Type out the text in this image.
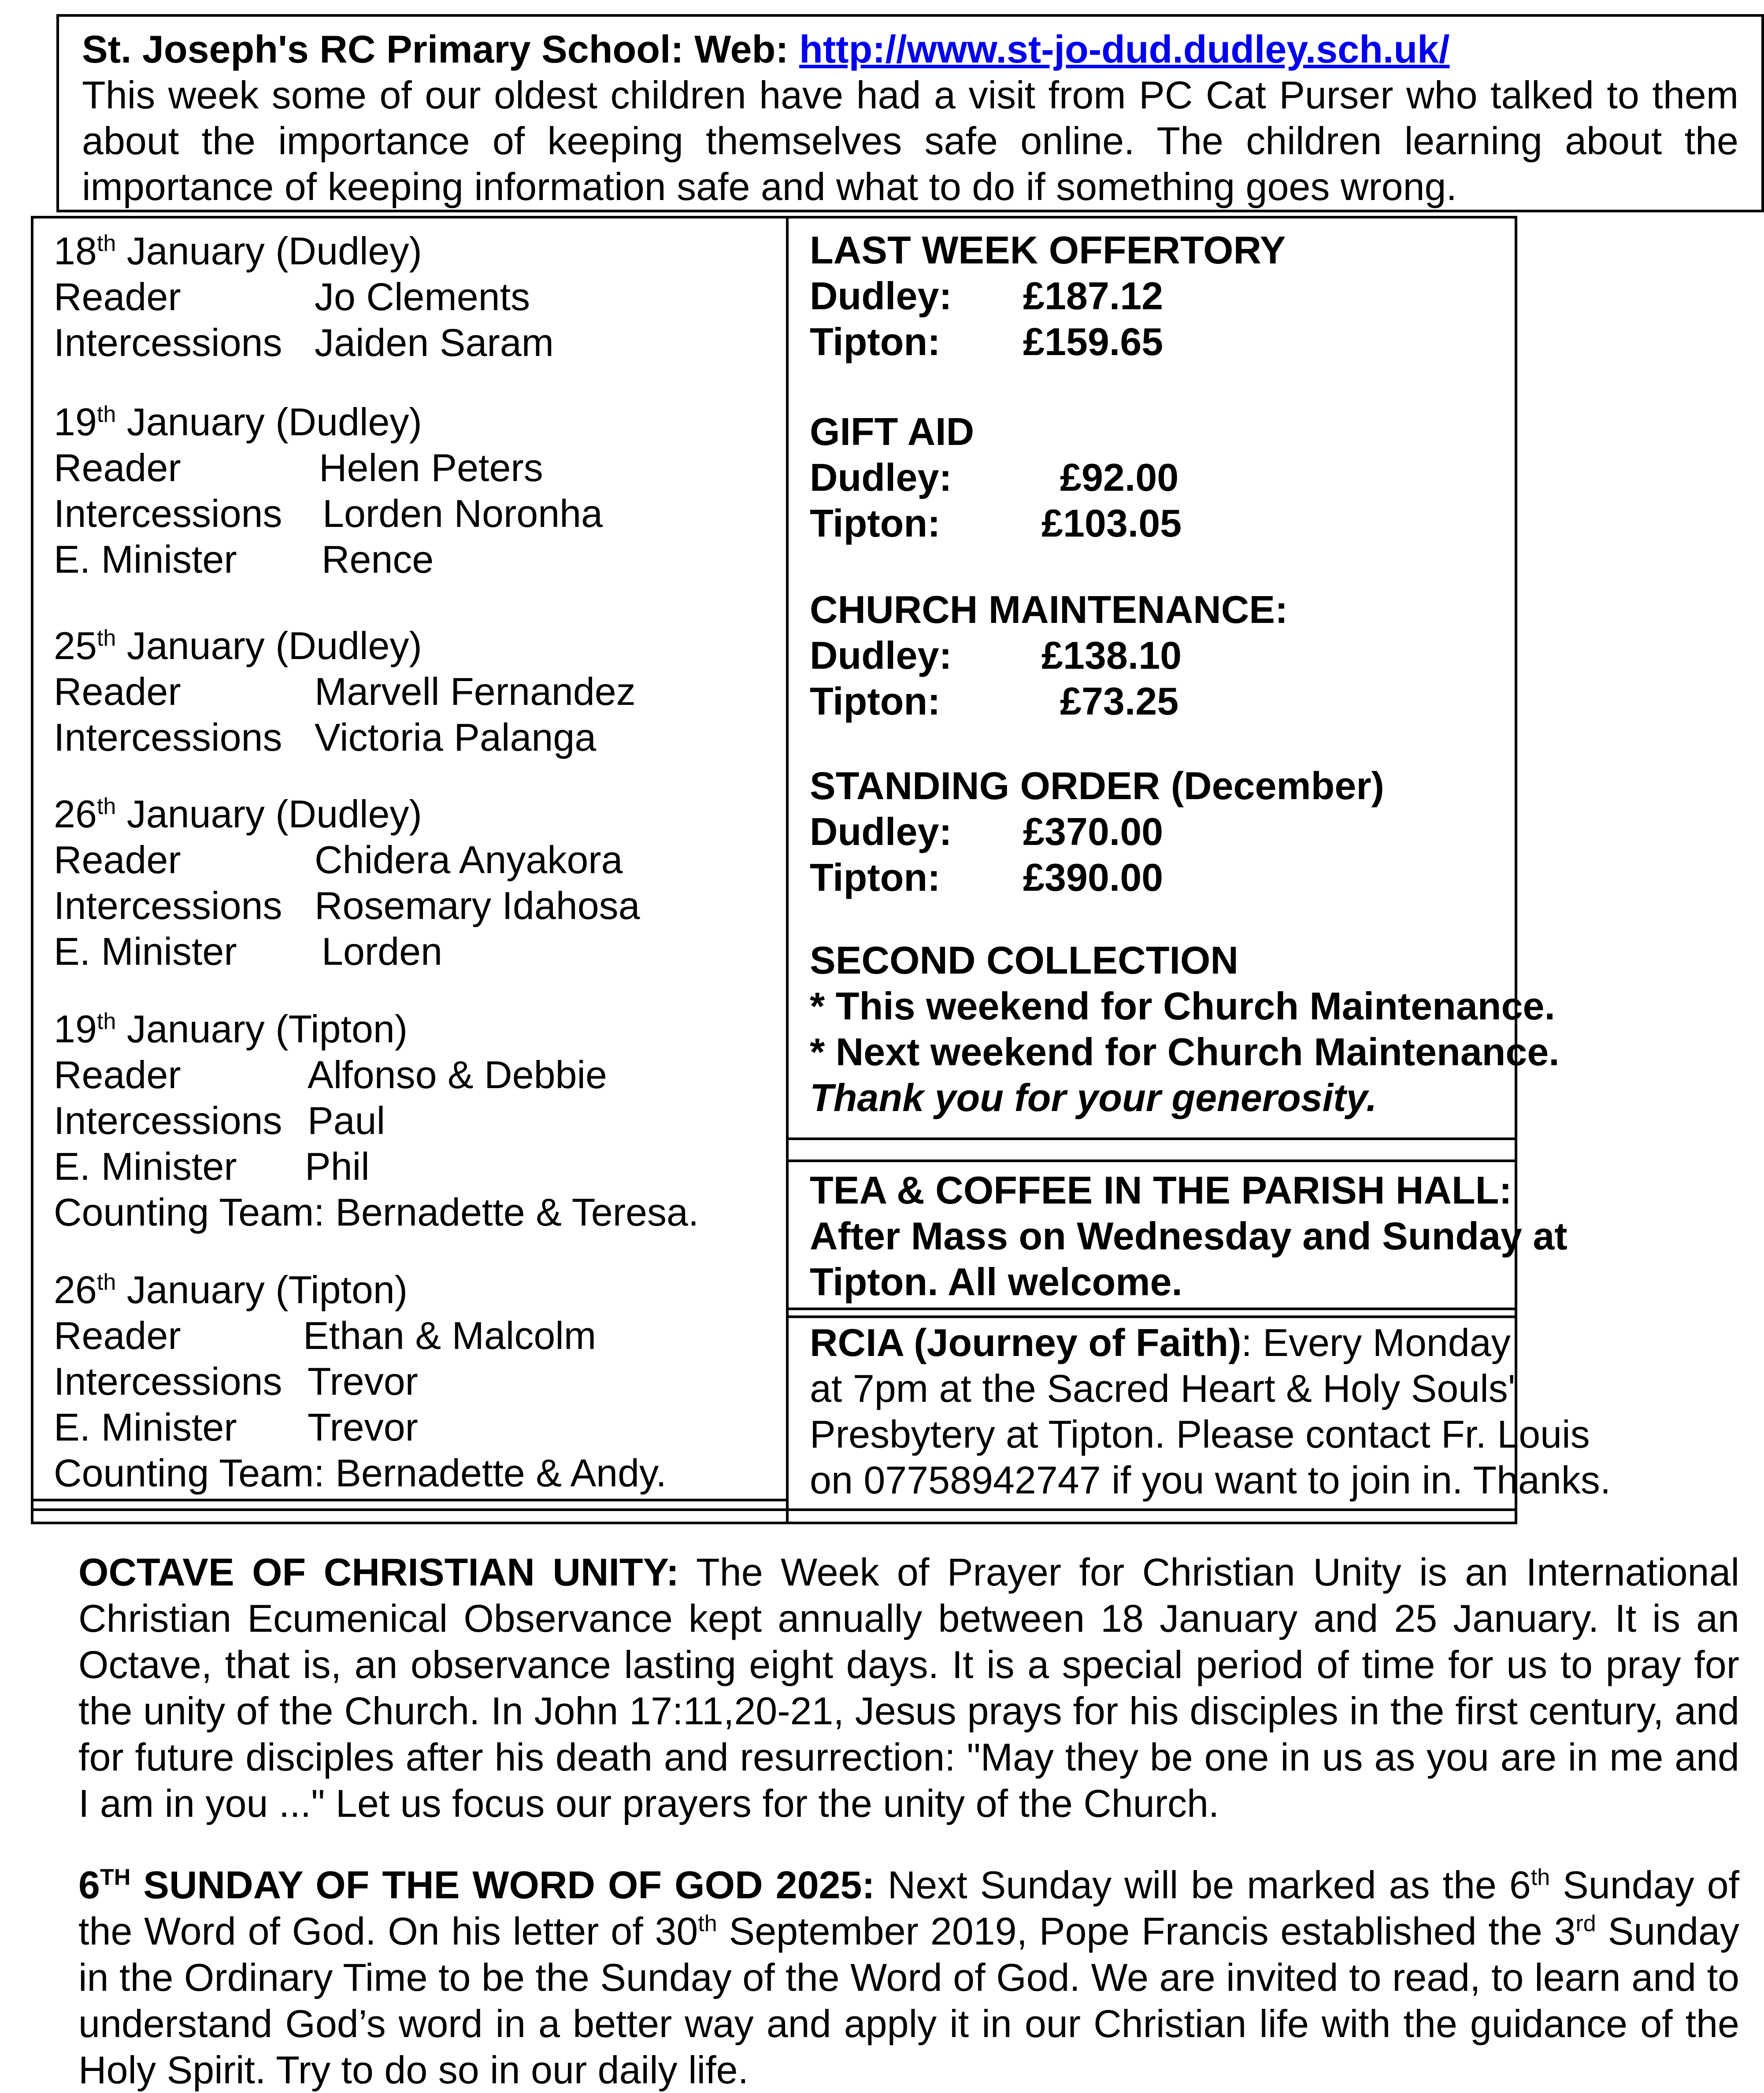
St. Joseph's RC Primary School: Web: http://www.st-jo-dud.dudley.sch.uk/
This week some of our oldest children have had a visit from PC Cat Purser who talked to them about the importance of keeping themselves safe online. The children learning about the importance of keeping information safe and what to do if something goes wrong.
18th January (Dudley)
Reader	Jo Clements
Intercessions Jaiden Saram
19th January (Dudley)
Reader	Helen Peters
Intercessions Lorden Noronha
E. Minister Rence
25th January (Dudley)
Reader	Marvell Fernandez
Intercessions Victoria Palanga
26th January (Dudley)
Reader	Chidera Anyakora
Intercessions Rosemary Idahosa
E. Minister Lorden
19th January (Tipton)
Reader	Alfonso & Debbie
Intercessions Paul
E. Minister Phil
Counting Team: Bernadette & Teresa.
26th January (Tipton)
Reader	Ethan & Malcolm
Intercessions Trevor
E. Minister Trevor
Counting Team: Bernadette & Andy.
LAST WEEK OFFERTORY
Dudley: £187.12
Tipton: £159.65
GIFT AID
Dudley:	£92.00
Tipton:	£103.05
CHURCH MAINTENANCE:
Dudley: £138.10
Tipton:	£73.25
STANDING ORDER (December)
Dudley: £370.00
Tipton: £390.00
SECOND COLLECTION
* This weekend for Church Maintenance.
* Next weekend for Church Maintenance.
Thank you for your generosity.
TEA & COFFEE IN THE PARISH HALL:
After Mass on Wednesday and Sunday at
Tipton. All welcome.
RCIA (Journey of Faith): Every Monday
at 7pm at the Sacred Heart & Holy Souls'
Presbytery at Tipton. Please contact Fr. Louis
on 07758942747 if you want to join in. Thanks.
OCTAVE OF CHRISTIAN UNITY: The Week of Prayer for Christian Unity is an International Christian Ecumenical Observance kept annually between 18 January and 25 January. It is an Octave, that is, an observance lasting eight days. It is a special period of time for us to pray for the unity of the Church. In John 17:11,20-21, Jesus prays for his disciples in the first century, and for future disciples after his death and resurrection: "May they be one in us as you are in me and I am in you ..." Let us focus our prayers for the unity of the Church.
6TH SUNDAY OF THE WORD OF GOD 2025: Next Sunday will be marked as the 6th Sunday of the Word of God. On his letter of 30th September 2019, Pope Francis established the 3rd Sunday in the Ordinary Time to be the Sunday of the Word of God. We are invited to read, to learn and to understand God’s word in a better way and apply it in our Christian life with the guidance of the Holy Spirit. Try to do so in our daily life.
